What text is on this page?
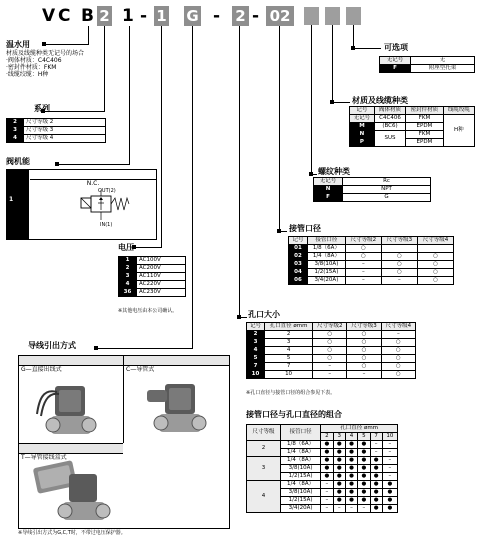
V C B 2 1 - 1 G - 2 - 02
温水用
材质及线缆种类无记号的场合
·阀体材质：C4C406
·密封件材质：FKM
·线缆绞缆：H种
系列
2	尺寸等级 2
3	尺寸等级 3
4	尺寸等级 4
阀机能
N.C.
1
OUT(2)
IN(1)
电压
1	AC100V
2	AC200V
3	AC110V
4	AC220V
36	AC230V
※其他电压由本公司确认。
可选项
无记号	无
F	附座型托架
材质及线缆种类
记号	阀体材质	密封件材质	线缆绞缆
无记号	C4C406	FKM	H种
M	(BC6)	EPDM	
N	SUS	FKM	
P		EPDM	
螺纹种类
无记号	Rc
N	NPT
F	G
接管口径
记号	接管口径	尺寸等级2	尺寸等级3	尺寸等级4
01	1/8（6A）	○		
02	1/4（8A）	○	○	○
03	3/8(10A)	–	○	○
04	1/2(15A)	–	○	○
06	3/4(20A)	–	–	○
孔口大小
记号	孔口直径 ømm	尺寸等级2	尺寸等级3	尺寸等级4
2	2	○	○	–
3	3	○	○	○
4	4	○	○	○
5	5	○	○	○
7	7	–	○	○
10	10	–	–	○
※孔口直径与接管口径的组合参见下表。
导线引出方式
G—直接出线式	C—导管式
T—导管接线盒式
※导线引出方式为G,C,T时，不带过电压保护器。
接管口径与孔口直径的组合
尺寸等级	接管口径	孔口直径 ømm					
		2	3	4	5	7	10
2	1/8（6A）	●	●	●	●	–	–
	1/4（8A）	●	●	●	●	–	–
3	1/4（8A）	●	●	●	●	●	–
	3/8(10A)	●	●	●	●	●	–
	1/2(15A)	●	●	●	●	●	–
4	1/4（8A）	–	●	●	●	●	●
	3/8(10A)	–	●	●	●	●	●
	1/2(15A)	–	●	●	●	●	●
	3/4(20A)	–	–	–	–	●	●
